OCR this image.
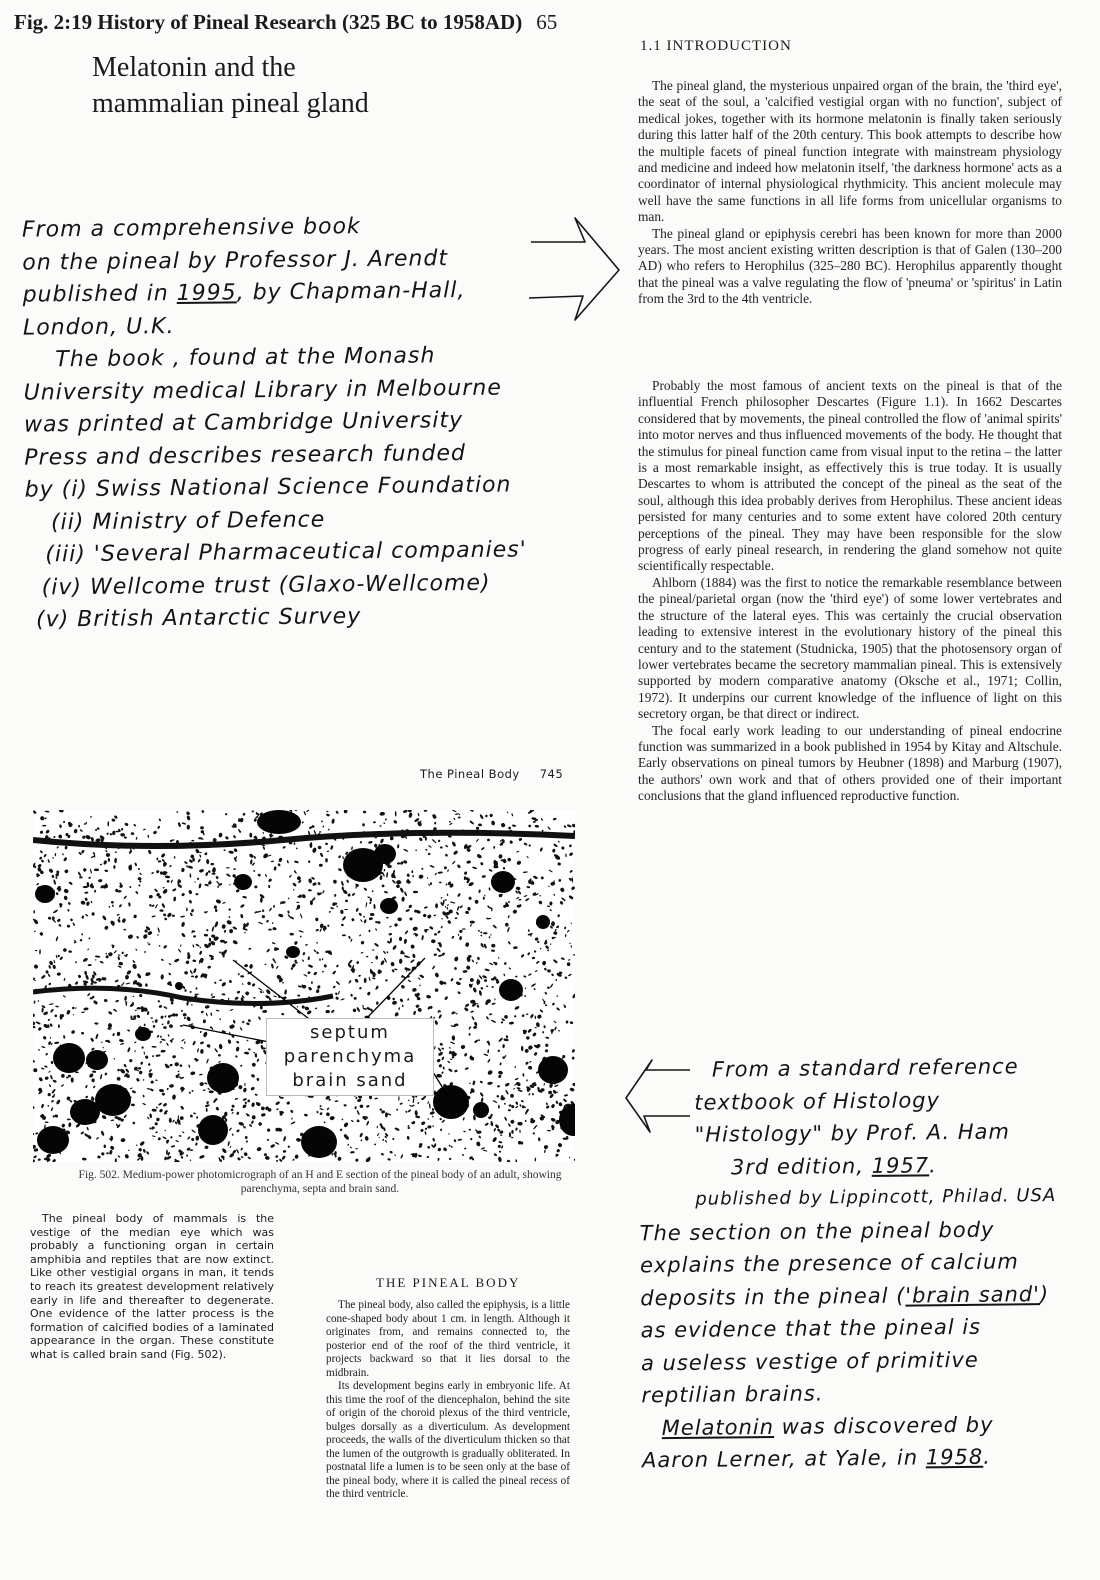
Fig. 2:19 History of Pineal Research (325 BC to 1958AD) 65
Melatonin and the
mammalian pineal gland
1.1 INTRODUCTION

The pineal gland, the mysterious unpaired organ of the brain, the 'third eye', the seat of the soul, a 'calcified vestigial organ with no function', subject of medical jokes, together with its hormone melatonin is finally taken seriously during this latter half of the 20th century. This book attempts to describe how the multiple facets of pineal function integrate with mainstream physiology and medicine and indeed how melatonin itself, 'the darkness hormone' acts as a coordinator of internal physiological rhythmicity. This ancient molecule may well have the same functions in all life forms from unicellular organisms to man.

The pineal gland or epiphysis cerebri has been known for more than 2000 years. The most ancient existing written description is that of Galen (130–200 AD) who refers to Herophilus (325–280 BC). Herophilus apparently thought that the pineal was a valve regulating the flow of 'pneuma' or 'spiritus' in Latin from the 3rd to the 4th ventricle.

Probably the most famous of ancient texts on the pineal is that of the influential French philosopher Descartes (Figure 1.1). In 1662 Descartes considered that by movements, the pineal controlled the flow of 'animal spirits' into motor nerves and thus influenced movements of the body. He thought that the stimulus for pineal function came from visual input to the retina – the latter is a most remarkable insight, as effectively this is true today. It is usually Descartes to whom is attributed the concept of the pineal as the seat of the soul, although this idea probably derives from Herophilus. These ancient ideas persisted for many centuries and to some extent have colored 20th century perceptions of the pineal. They may have been responsible for the slow progress of early pineal research, in rendering the gland somehow not quite scientifically respectable.

Ahlborn (1884) was the first to notice the remarkable resemblance between the pineal/parietal organ (now the 'third eye') of some lower vertebrates and the structure of the lateral eyes. This was certainly the crucial observation leading to extensive interest in the evolutionary history of the pineal this century and to the statement (Studnicka, 1905) that the photosensory organ of lower vertebrates became the secretory mammalian pineal. This is extensively supported by modern comparative anatomy (Oksche et al., 1971; Collin, 1972). It underpins our current knowledge of the influence of light on this secretory organ, be that direct or indirect.

The focal early work leading to our understanding of pineal endocrine function was summarized in a book published in 1954 by Kitay and Altschule. Early observations on pineal tumors by Heubner (1898) and Marburg (1907), the authors' own work and that of others provided one of their important conclusions that the gland influenced reproductive function.

From a comprehensive book
on the pineal by Professor J. Arendt
published in 1995, by Chapman-Hall,
London, U.K.
The book , found at the Monash
University medical Library in Melbourne
was printed at Cambridge University
Press and describes research funded
by (i) Swiss National Science Foundation
(ii) Ministry of Defence
(iii) 'Several Pharmaceutical companies'
(iv) Wellcome trust (Glaxo-Wellcome)
(v) British Antarctic Survey
The Pineal Body 745
septum
parenchyma
brain sand
Fig. 502. Medium-power photomicrograph of an H and E section of the pineal body of an adult, showing parenchyma, septa and brain sand.

The pineal body of mammals is the vestige of the median eye which was probably a functioning organ in certain amphibia and reptiles that are now extinct. Like other vestigial organs in man, it tends to reach its greatest development relatively early in life and thereafter to degenerate. One evidence of the latter process is the formation of calcified bodies of a laminated appearance in the organ. These constitute what is called brain sand (Fig. 502).

THE PINEAL BODY

The pineal body, also called the epiphysis, is a little cone-shaped body about 1 cm. in length. Although it originates from, and remains connected to, the posterior end of the roof of the third ventricle, it projects backward so that it lies dorsal to the midbrain.

Its development begins early in embryonic life. At this time the roof of the diencephalon, behind the site of origin of the choroid plexus of the third ventricle, bulges dorsally as a diverticulum. As development proceeds, the walls of the diverticulum thicken so that the lumen of the outgrowth is gradually obliterated. In postnatal life a lumen is to be seen only at the base of the pineal body, where it is called the pineal recess of the third ventricle.

From a standard reference
textbook of Histology
"Histology" by Prof. A. Ham
3rd edition, 1957.
published by Lippincott, Philad. USA
The section on the pineal body
explains the presence of calcium
deposits in the pineal ('brain sand')
as evidence that the pineal is
a useless vestige of primitive
reptilian brains.
Melatonin was discovered by
Aaron Lerner, at Yale, in 1958.
